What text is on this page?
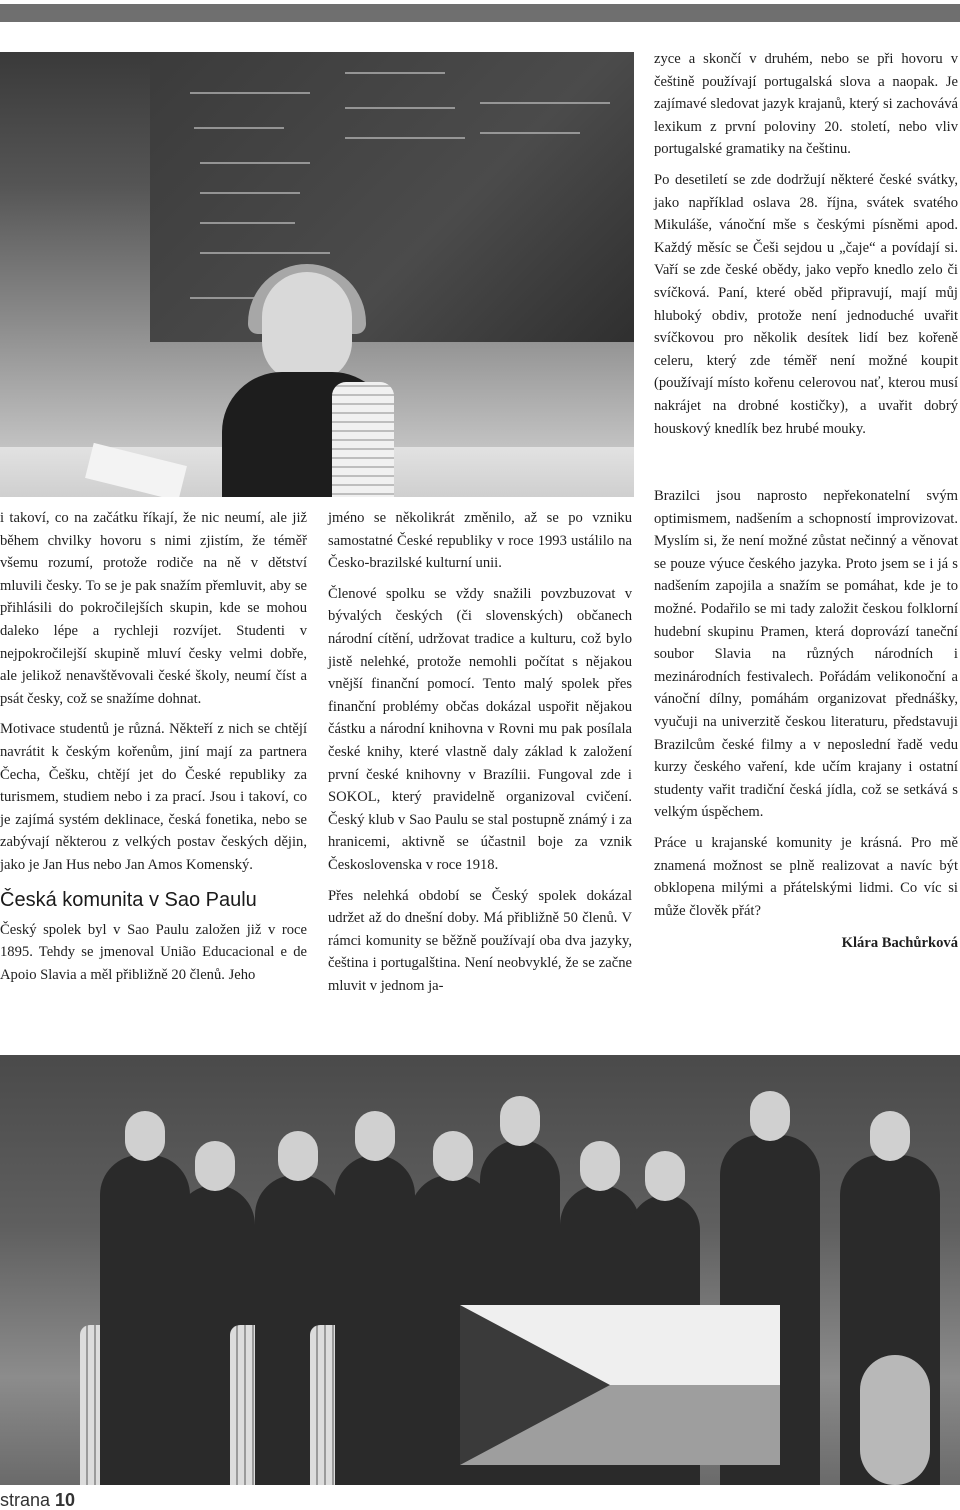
i takoví, co na začátku říkají, že nic neumí, ale již během chvilky hovoru s nimi zjistím, že téměř všemu rozumí, protože rodiče na ně v dětství mluvili česky. To se je pak snažím přemluvit, aby se přihlásili do pokročilejších skupin, kde se mohou daleko lépe a rychleji rozvíjet. Studenti v nejpokročilejší skupině mluví česky velmi dobře, ale jelikož nenavštěvovali české školy, neumí číst a psát česky, což se snažíme dohnat.

Motivace studentů je různá. Někteří z nich se chtějí navrátit k českým kořenům, jiní mají za partnera Čecha, Češku, chtějí jet do České republiky za turismem, studiem nebo i za prací. Jsou i takoví, co je zajímá systém deklinace, česká fonetika, nebo se zabývají některou z velkých postav českých dějin, jako je Jan Hus nebo Jan Amos Komenský.

Česká komunita v Sao Paulu

Český spolek byl v Sao Paulu založen již v roce 1895. Tehdy se jmenoval União Educacional e de Apoio Slavia a měl přibližně 20 členů. Jeho

jméno se několikrát změnilo, až se po vzniku samostatné České republiky v roce 1993 ustálilo na Česko-brazilské kulturní unii.

Členové spolku se vždy snažili povzbuzovat v bývalých českých (či slovenských) občanech národní cítění, udržovat tradice a kulturu, což bylo jistě nelehké, protože nemohli počítat s nějakou vnější finanční pomocí. Tento malý spolek přes finanční problémy občas dokázal uspořit nějakou částku a národní knihovna v Rovni mu pak posílala české knihy, které vlastně daly základ k založení první české knihovny v Brazílii. Fungoval zde i SOKOL, který pravidelně organizoval cvičení. Český klub v Sao Paulu se stal postupně známý i za hranicemi, aktivně se účastnil boje za vznik Československa v roce 1918.

Přes nelehká období se Český spolek dokázal udržet až do dnešní doby. Má přibližně 50 členů. V rámci komunity se běžně používají oba dva jazyky, čeština i portugalština. Není neobvyklé, že se začne mluvit v jednom ja-

zyce a skončí v druhém, nebo se při hovoru v češtině používají portugalská slova a naopak. Je zajímavé sledovat jazyk krajanů, který si zachovává lexikum z první poloviny 20. století, nebo vliv portugalské gramatiky na češtinu.

Po desetiletí se zde dodržují některé české svátky, jako například oslava 28. října, svátek svatého Mikuláše, vánoční mše s českými písněmi apod. Každý měsíc se Češi sejdou u „čaje“ a povídají si. Vaří se zde české obědy, jako vepřo knedlo zelo či svíčková. Paní, které oběd připravují, mají můj hluboký obdiv, protože není jednoduché uvařit svíčkovou pro několik desítek lidí bez kořeně celeru, který zde téměř není možné koupit (používají místo kořenu celerovou nať, kterou musí nakrájet na drobné kostičky), a uvařit dobrý houskový knedlík bez hrubé mouky.

Brazilci jsou naprosto nepřekonatelní svým optimismem, nadšením a schopností improvizovat. Myslím si, že není možné zůstat nečinný a věnovat se pouze výuce českého jazyka. Proto jsem se i já s nadšením zapojila a snažím se pomáhat, kde je to možné. Podařilo se mi tady založit českou folklorní hudební skupinu Pramen, která doprovází taneční soubor Slavia na různých národních i mezinárodních festivalech. Pořádám velikonoční a vánoční dílny, pomáhám organizovat přednášky, vyučuji na univerzitě českou literaturu, představuji Brazilcům české filmy a v neposlední řadě vedu kurzy českého vaření, kde učím krajany i ostatní studenty vařit tradiční česká jídla, což se setkává s velkým úspěchem.

Práce u krajanské komunity je krásná. Pro mě znamená možnost se plně realizovat a navíc být obklopena milými a přátelskými lidmi. Co víc si může člověk přát?

Klára Bachůrková
strana 10
